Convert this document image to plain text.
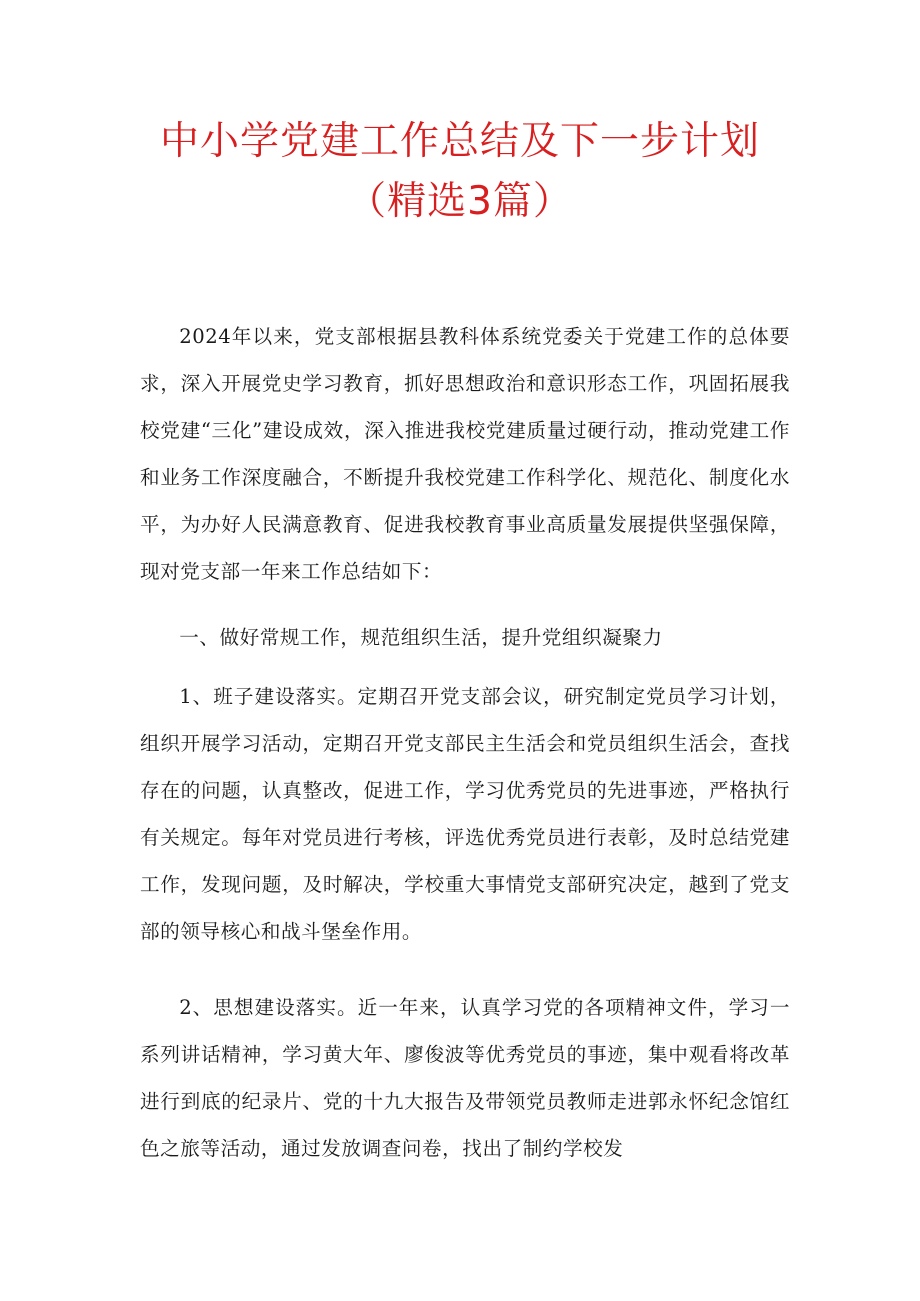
中小学党建工作总结及下一步计划
（精选3篇）

2024年以来，党支部根据县教科体系统党委关于党建工作的总体要求，深入开展党史学习教育，抓好思想政治和意识形态工作，巩固拓展我校党建“三化”建设成效，深入推进我校党建质量过硬行动，推动党建工作和业务工作深度融合，不断提升我校党建工作科学化、规范化、制度化水平，为办好人民满意教育、促进我校教育事业高质量发展提供坚强保障，现对党支部一年来工作总结如下：

一、做好常规工作，规范组织生活，提升党组织凝聚力

1、班子建设落实。定期召开党支部会议，研究制定党员学习计划，组织开展学习活动，定期召开党支部民主生活会和党员组织生活会，查找存在的问题，认真整改，促进工作，学习优秀党员的先进事迹，严格执行有关规定。每年对党员进行考核，评选优秀党员进行表彰，及时总结党建工作，发现问题，及时解决，学校重大事情党支部研究决定，越到了党支部的领导核心和战斗堡垒作用。

2、思想建设落实。近一年来，认真学习党的各项精神文件，学习一系列讲话精神，学习黄大年、廖俊波等优秀党员的事迹，集中观看将改革进行到底的纪录片、党的十九大报告及带领党员教师走进郭永怀纪念馆红色之旅等活动，通过发放调查问卷，找出了制约学校发
